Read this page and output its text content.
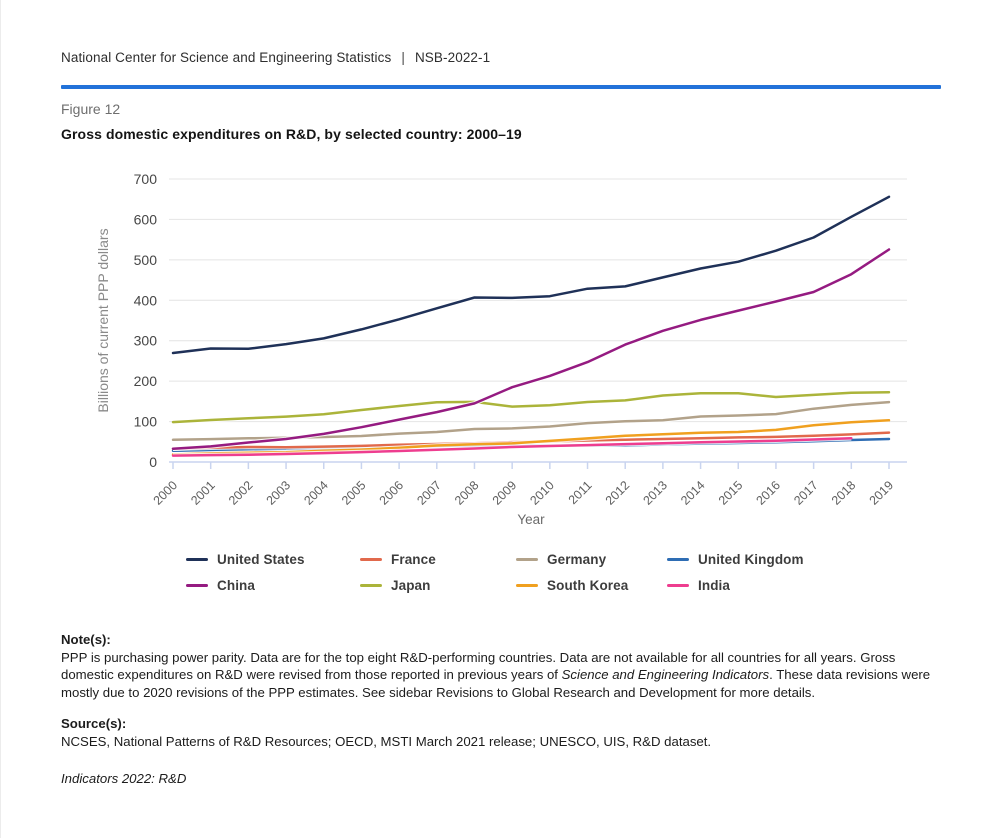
National Center for Science and Engineering Statistics | NSB-2022-1
Figure 12
Gross domestic expenditures on R&D, by selected country: 2000–19
0
100
200
300
400
500
600
700
2000 2001 2002 2003 2004 2005 2006 2007 2008 2009 2010 2011 2012 2013 2014 2015 2016 2017 2018 2019
Billions of current PPP dollars
Year
United States	France	Germany	United Kingdom
China	Japan	South Korea	India
Note(s):

PPP is purchasing power parity. Data are for the top eight R&D-performing countries. Data are not available for all countries for all years. Gross domestic expenditures on R&D were revised from those reported in previous years of Science and Engineering Indicators. These data revisions were mostly due to 2020 revisions of the PPP estimates. See sidebar Revisions to Global Research and Development for more details.

Source(s):

NCSES, National Patterns of R&D Resources; OECD, MSTI March 2021 release; UNESCO, UIS, R&D dataset.

Indicators 2022: R&D
